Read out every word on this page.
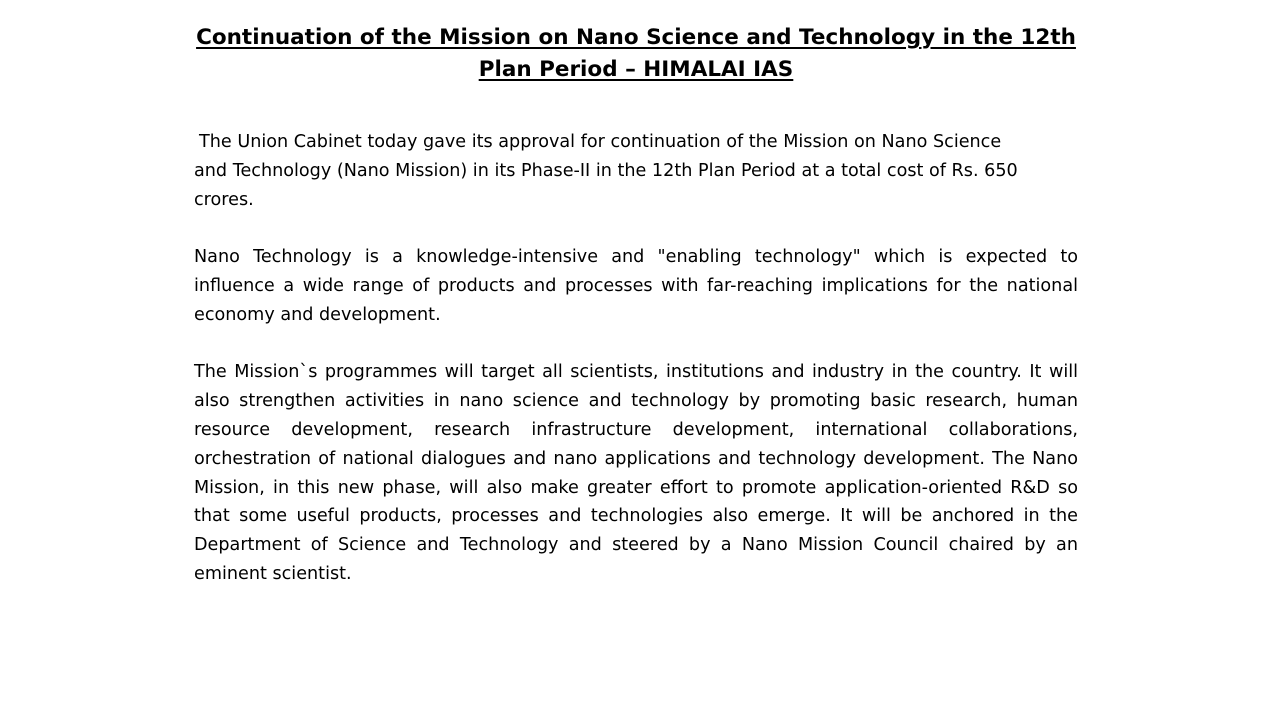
Continuation of the Mission on Nano Science and Technology in the 12th Plan Period – HIMALAI IAS

The Union Cabinet today gave its approval for continuation of the Mission on Nano Science and Technology (Nano Mission) in its Phase-II in the 12th Plan Period at a total cost of Rs. 650 crores.

Nano Technology is a knowledge-intensive and "enabling technology" which is expected to influence a wide range of products and processes with far-reaching implications for the national economy and development.

The Mission`s programmes will target all scientists, institutions and industry in the country. It will also strengthen activities in nano science and technology by promoting basic research, human resource development, research infrastructure development, international collaborations, orchestration of national dialogues and nano applications and technology development. The Nano Mission, in this new phase, will also make greater effort to promote application-oriented R&D so that some useful products, processes and technologies also emerge. It will be anchored in the Department of Science and Technology and steered by a Nano Mission Council chaired by an eminent scientist.
